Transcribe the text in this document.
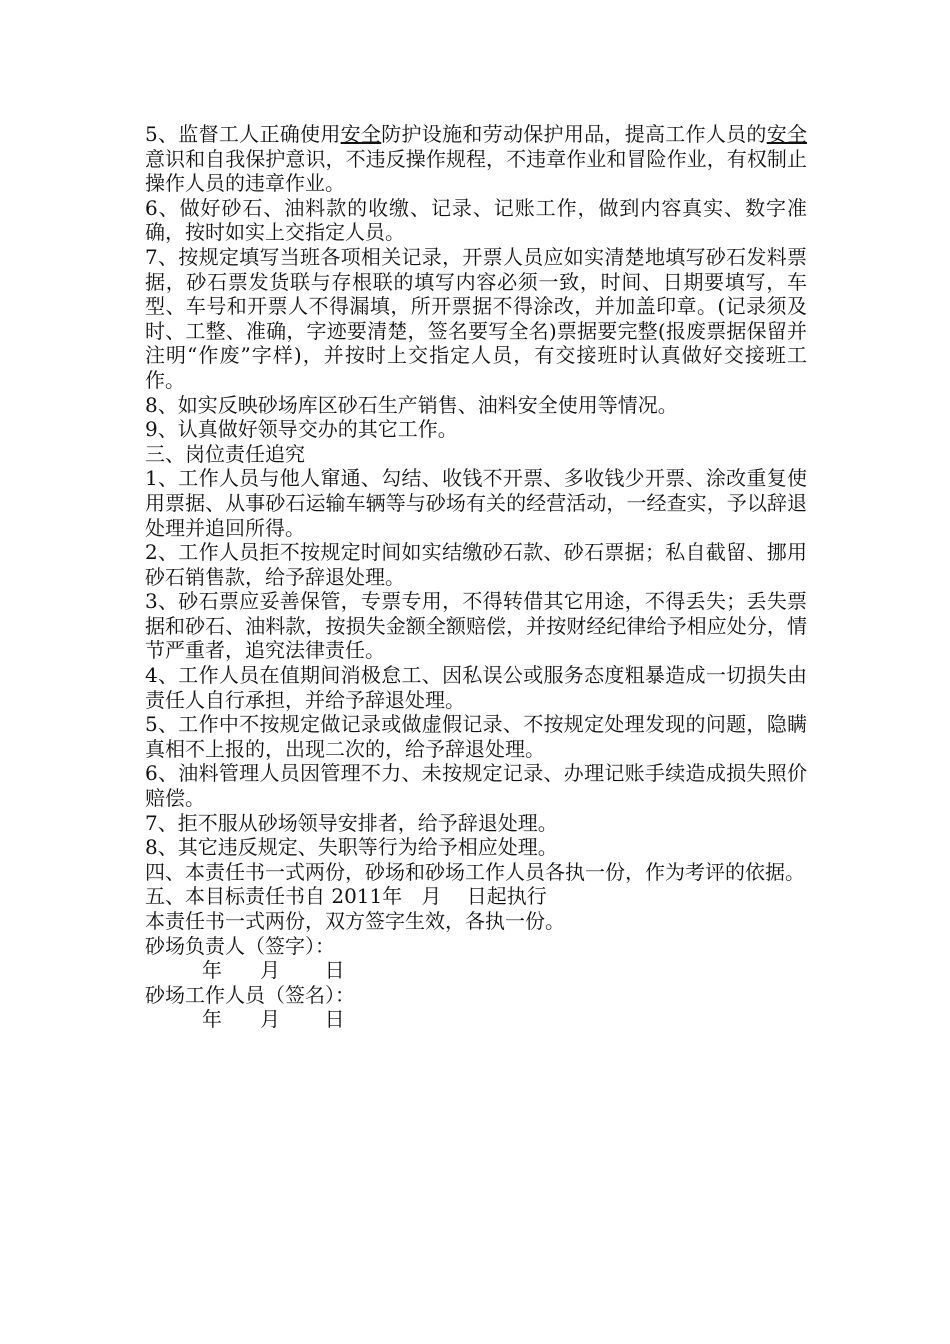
5、监督工人正确使用安全防护设施和劳动保护用品，提高工作人员的安全意识和自我保护意识，不违反操作规程，不违章作业和冒险作业，有权制止操作人员的违章作业。

6、做好砂石、油料款的收缴、记录、记账工作，做到内容真实、数字准确，按时如实上交指定人员。

7、按规定填写当班各项相关记录，开票人员应如实清楚地填写砂石发料票据，砂石票发货联与存根联的填写内容必须一致，时间、日期要填写，车型、车号和开票人不得漏填，所开票据不得涂改，并加盖印章。(记录须及时、工整、准确，字迹要清楚，签名要写全名)票据要完整(报废票据保留并注明“作废”字样)，并按时上交指定人员，有交接班时认真做好交接班工作。

8、如实反映砂场库区砂石生产销售、油料安全使用等情况。

9、认真做好领导交办的其它工作。

三、岗位责任追究

1、工作人员与他人窜通、勾结、收钱不开票、多收钱少开票、涂改重复使用票据、从事砂石运输车辆等与砂场有关的经营活动，一经查实，予以辞退处理并追回所得。

2、工作人员拒不按规定时间如实结缴砂石款、砂石票据；私自截留、挪用砂石销售款，给予辞退处理。

3、砂石票应妥善保管，专票专用，不得转借其它用途，不得丢失；丢失票据和砂石、油料款，按损失金额全额赔偿，并按财经纪律给予相应处分，情节严重者，追究法律责任。

4、工作人员在值期间消极怠工、因私误公或服务态度粗暴造成一切损失由责任人自行承担，并给予辞退处理。

5、工作中不按规定做记录或做虚假记录、不按规定处理发现的问题，隐瞒真相不上报的，出现二次的，给予辞退处理。

6、油料管理人员因管理不力、未按规定记录、办理记账手续造成损失照价赔偿。

7、拒不服从砂场领导安排者，给予辞退处理。

8、其它违反规定、失职等行为给予相应处理。

四、本责任书一式两份，砂场和砂场工作人员各执一份，作为考评的依据。

五、本目标责任书自 2011年   月    日起执行

本责任书一式两份，双方签字生效，各执一份。

砂场负责人（签字）：

年      月       日

砂场工作人员（签名）：

年      月       日
